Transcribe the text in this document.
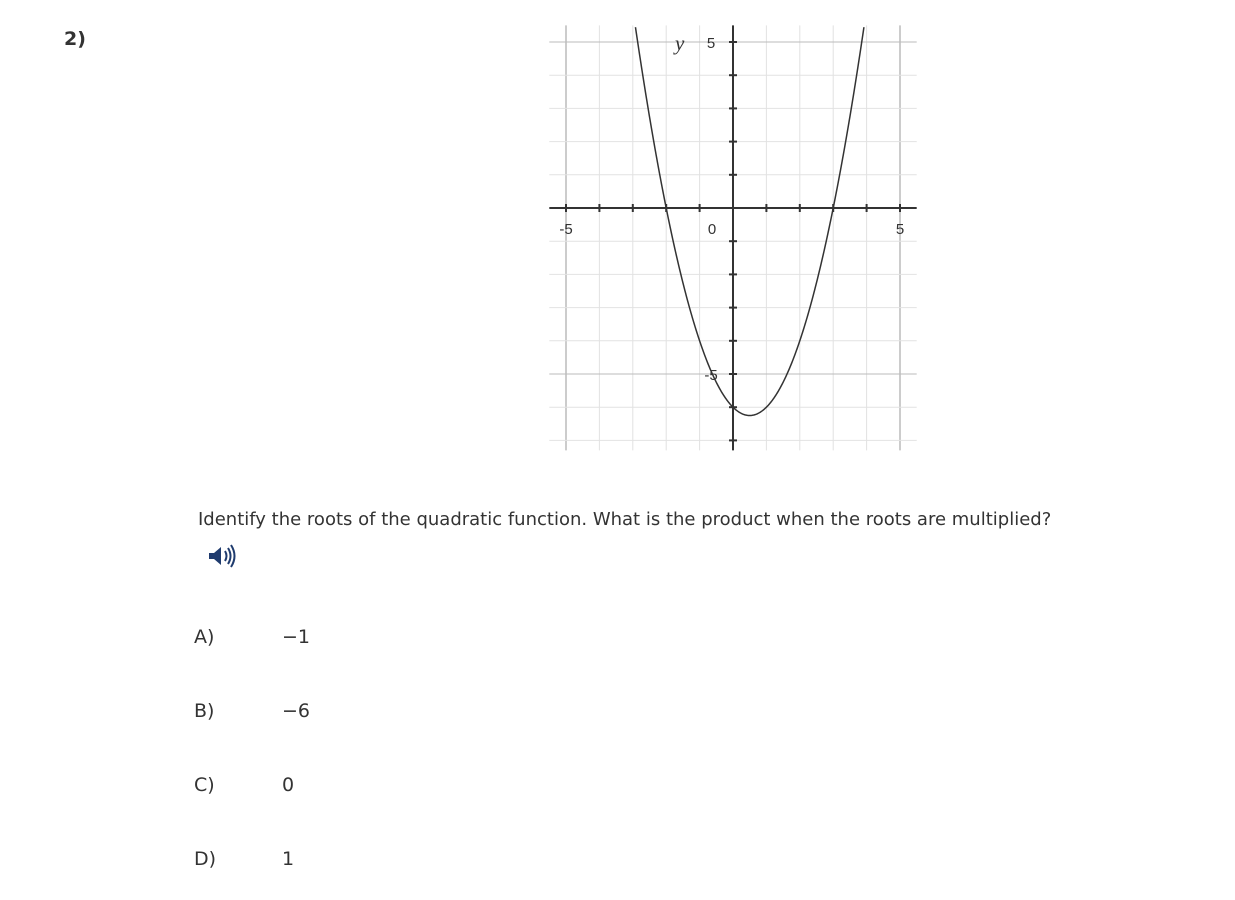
2)	y
-5	0	5
5
-5
Identify the roots of the quadratic function. What is the product when the roots are multiplied?
A)	−1
B)	−6
C)	0
D)	1
